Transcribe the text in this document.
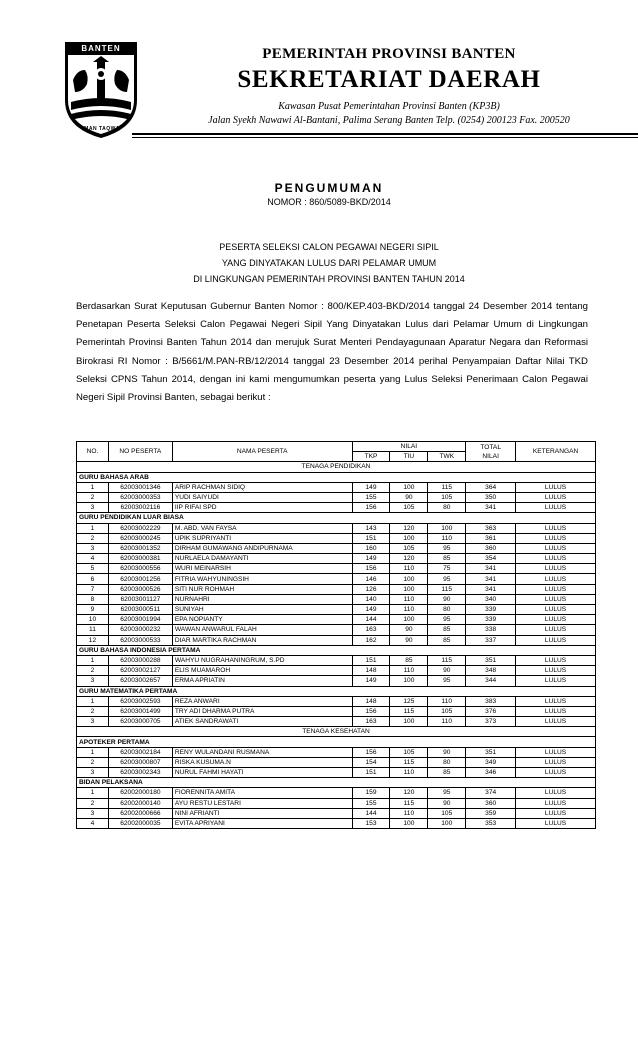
BANTEN
IMAN TAQWA
PEMERINTAH PROVINSI BANTEN
SEKRETARIAT DAERAH
Kawasan Pusat Pemerintahan Provinsi Banten (KP3B)
Jalan Syekh Nawawi Al-Bantani, Palima Serang Banten Telp. (0254) 200123 Fax. 200520
PENGUMUMAN
NOMOR : 860/5089-BKD/2014
PESERTA SELEKSI CALON PEGAWAI NEGERI SIPIL
YANG DINYATAKAN LULUS DARI PELAMAR UMUM
DI LINGKUNGAN PEMERINTAH PROVINSI BANTEN TAHUN 2014
Berdasarkan Surat Keputusan Gubernur Banten Nomor : 800/KEP.403-BKD/2014 tanggal 24 Desember 2014 tentang Penetapan Peserta Seleksi Calon Pegawai Negeri Sipil Yang Dinyatakan Lulus dari Pelamar Umum di Lingkungan Pemerintah Provinsi Banten Tahun 2014 dan merujuk Surat Menteri Pendayagunaan Aparatur Negara dan Reformasi Birokrasi RI Nomor : B/5661/M.PAN-RB/12/2014 tanggal 23 Desember 2014 perihal Penyampaian Daftar Nilai TKD Seleksi CPNS Tahun 2014, dengan ini kami mengumumkan peserta yang Lulus Seleksi Penerimaan Calon Pegawai Negeri Sipil Provinsi Banten, sebagai berikut :
NO.	NO PESERTA	NAMA PESERTA	NILAI			TOTAL
NILAI	KETERANGAN
			TKP	TIU	TWK		
TENAGA PENDIDIKAN							
GURU BAHASA ARAB							
1	62003001346	ARIP RACHMAN SIDIQ	149	100	115	364	LULUS
2	62003000353	YUDI SAIYUDI	155	90	105	350	LULUS
3	62003002116	IIP RIFAI SPD	156	105	80	341	LULUS
GURU PENDIDIKAN LUAR BIASA							
1	62003002229	M. ABD. VAN FAYSA	143	120	100	363	LULUS
2	62003000245	UPIK SUPRIYANTI	151	100	110	361	LULUS
3	62003001352	DIRHAM GUMAWANG ANDIPURNAMA	160	105	95	360	LULUS
4	62003000381	NURLAELA DAMAYANTI	149	120	85	354	LULUS
5	62003000556	WURI MEINARSIH	156	110	75	341	LULUS
6	62003001256	FITRIA WAHYUNINGSIH	146	100	95	341	LULUS
7	62003000526	SITI NUR ROHMAH	126	100	115	341	LULUS
8	62003001127	NURNAHRI	140	110	90	340	LULUS
9	62003000511	SUNIYAH	149	110	80	339	LULUS
10	62003001994	EPA NOPIANTY	144	100	95	339	LULUS
11	62003000232	WAWAN ANWARUL FALAH	163	90	85	338	LULUS
12	62003000533	DIAR MARTIKA RACHMAN	162	90	85	337	LULUS
GURU BAHASA INDONESIA PERTAMA							
1	62003000288	WAHYU NUGRAHANINGRUM, S.PD	151	85	115	351	LULUS
2	62003002127	ELIS MUAMAROH	148	110	90	348	LULUS
3	62003002657	ERMA APRIATIN	149	100	95	344	LULUS
GURU MATEMATIKA PERTAMA							
1	62003002593	REZA ANWARI	148	125	110	383	LULUS
2	62003001499	TRY ADI DHARMA PUTRA	156	115	105	376	LULUS
3	62003000705	ATIEK SANDRAWATI	163	100	110	373	LULUS
TENAGA KESEHATAN							
APOTEKER PERTAMA							
1	62003002184	RENY WULANDANI RUSMANA	156	105	90	351	LULUS
2	62003000807	RISKA KUSUMA.N	154	115	80	349	LULUS
3	62003002343	NURUL FAHMI HAYATI	151	110	85	346	LULUS
BIDAN PELAKSANA							
1	62002000180	FIORENNITA AMITA	159	120	95	374	LULUS
2	62002000140	AYU RESTU LESTARI	155	115	90	360	LULUS
3	62002000666	NINI AFRIANTI	144	110	105	359	LULUS
4	62002000035	EVITA APRIYANI	153	100	100	353	LULUS
